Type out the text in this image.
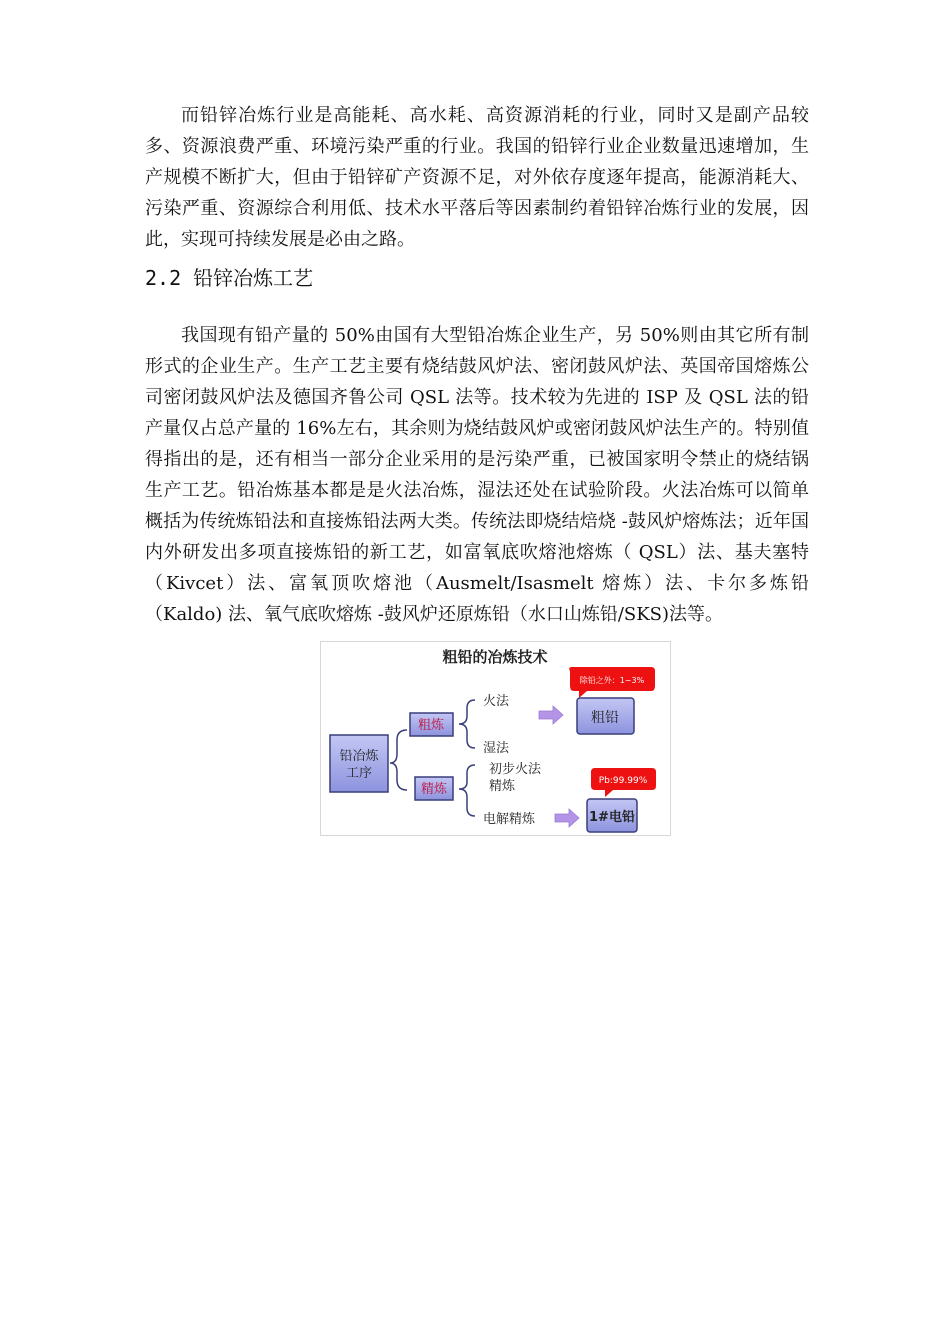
而铅锌冶炼行业是高能耗、高水耗、高资源消耗的行业，同时又是副产品较多、资源浪费严重、环境污染严重的行业。我国的铅锌行业企业数量迅速增加，生产规模不断扩大，但由于铅锌矿产资源不足，对外依存度逐年提高，能源消耗大、污染严重、资源综合利用低、技术水平落后等因素制约着铅锌冶炼行业的发展，因此，实现可持续发展是必由之路。

2.2 铅锌冶炼工艺

我国现有铅产量的 50%由国有大型铅冶炼企业生产，另 50%则由其它所有制形式的企业生产。生产工艺主要有烧结鼓风炉法、密闭鼓风炉法、英国帝国熔炼公司密闭鼓风炉法及德国齐鲁公司 QSL 法等。技术较为先进的 ISP 及 QSL 法的铅产量仅占总产量的 16%左右，其余则为烧结鼓风炉或密闭鼓风炉法生产的。特别值得指出的是，还有相当一部分企业采用的是污染严重，已被国家明令禁止的烧结锅生产工艺。铅冶炼基本都是是火法冶炼，湿法还处在试验阶段。火法冶炼可以简单概括为传统炼铅法和直接炼铅法两大类。传统法即烧结焙烧 -鼓风炉熔炼法；近年国内外研发出多项直接炼铅的新工艺，如富氧底吹熔池熔炼（ QSL）法、基夫塞特（Kivcet）法、富氧顶吹熔池（Ausmelt/Isasmelt 熔炼）法、卡尔多炼铅（Kaldo) 法、氧气底吹熔炼 -鼓风炉还原炼铅（水口山炼铅/SKS)法等。

粗铅的冶炼技术
铅冶炼
工序
粗炼
精炼
火法
湿法
初步火法
精炼
电解精炼
除铅之外：1~3%
粗铅
Pb:99.99%
1#电铅
